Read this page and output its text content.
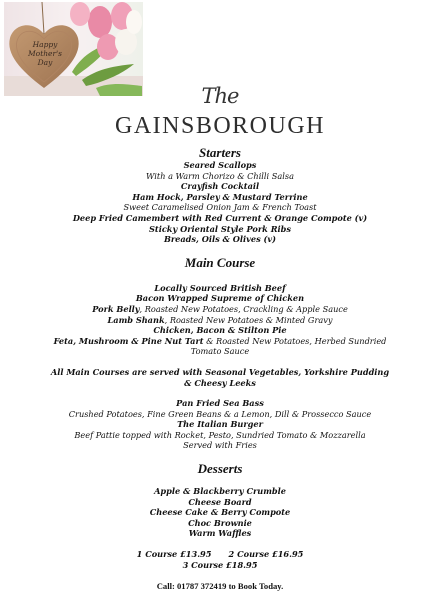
Happy
Mother's
Day
The
GAINSBOROUGH

Starters

Seared Scallops

With a Warm Chorizo & Chilli Salsa

Crayfish Cocktail

Ham Hock, Parsley & Mustard Terrine

Sweet Caramelised Onion Jam & French Toast

Deep Fried Camembert with Red Current & Orange Compote (v)

Sticky Oriental Style Pork Ribs

Breads, Oils & Olives (v)

Main Course

Locally Sourced British Beef

Bacon Wrapped Supreme of Chicken

Pork Belly, Roasted New Potatoes, Crackling & Apple Sauce

Lamb Shank, Roasted New Potatoes & Minted Gravy

Chicken, Bacon & Stilton Pie

Feta, Mushroom & Pine Nut Tart & Roasted New Potatoes, Herbed Sundried

Tomato Sauce

All Main Courses are served with Seasonal Vegetables, Yorkshire Pudding

& Cheesy Leeks

Pan Fried Sea Bass

Crushed Potatoes, Fine Green Beans & a Lemon, Dill & Prossecco Sauce

The Italian Burger

Beef Pattie topped with Rocket, Pesto, Sundried Tomato & Mozzarella

Served with Fries

Desserts

Apple & Blackberry Crumble

Cheese Board

Cheese Cake & Berry Compote

Choc Brownie

Warm Waffles

1 Course £13.95      2 Course £16.95

3 Course £18.95

Call: 01787 372419 to Book Today.
